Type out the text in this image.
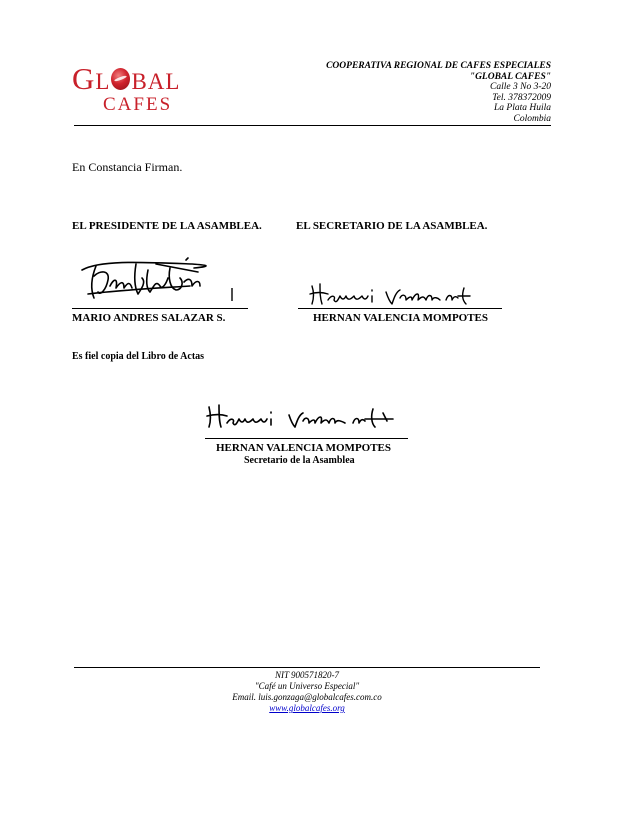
GL BAL
CAFES
COOPERATIVA REGIONAL DE CAFES ESPECIALES
"GLOBAL CAFES"
Calle 3 No 3-20
Tel. 378372009
La Plata Huila
Colombia
En Constancia Firman.
EL PRESIDENTE DE LA ASAMBLEA.	EL SECRETARIO DE LA ASAMBLEA.
MARIO ANDRES SALAZAR S.	HERNAN VALENCIA MOMPOTES
Es fiel copia del Libro de Actas
HERNAN VALENCIA MOMPOTES
Secretario de la Asamblea
NIT 900571820-7
"Café un Universo Especial"
Email. luis.gonzaga@globalcafes.com.co
www.globalcafes.org
